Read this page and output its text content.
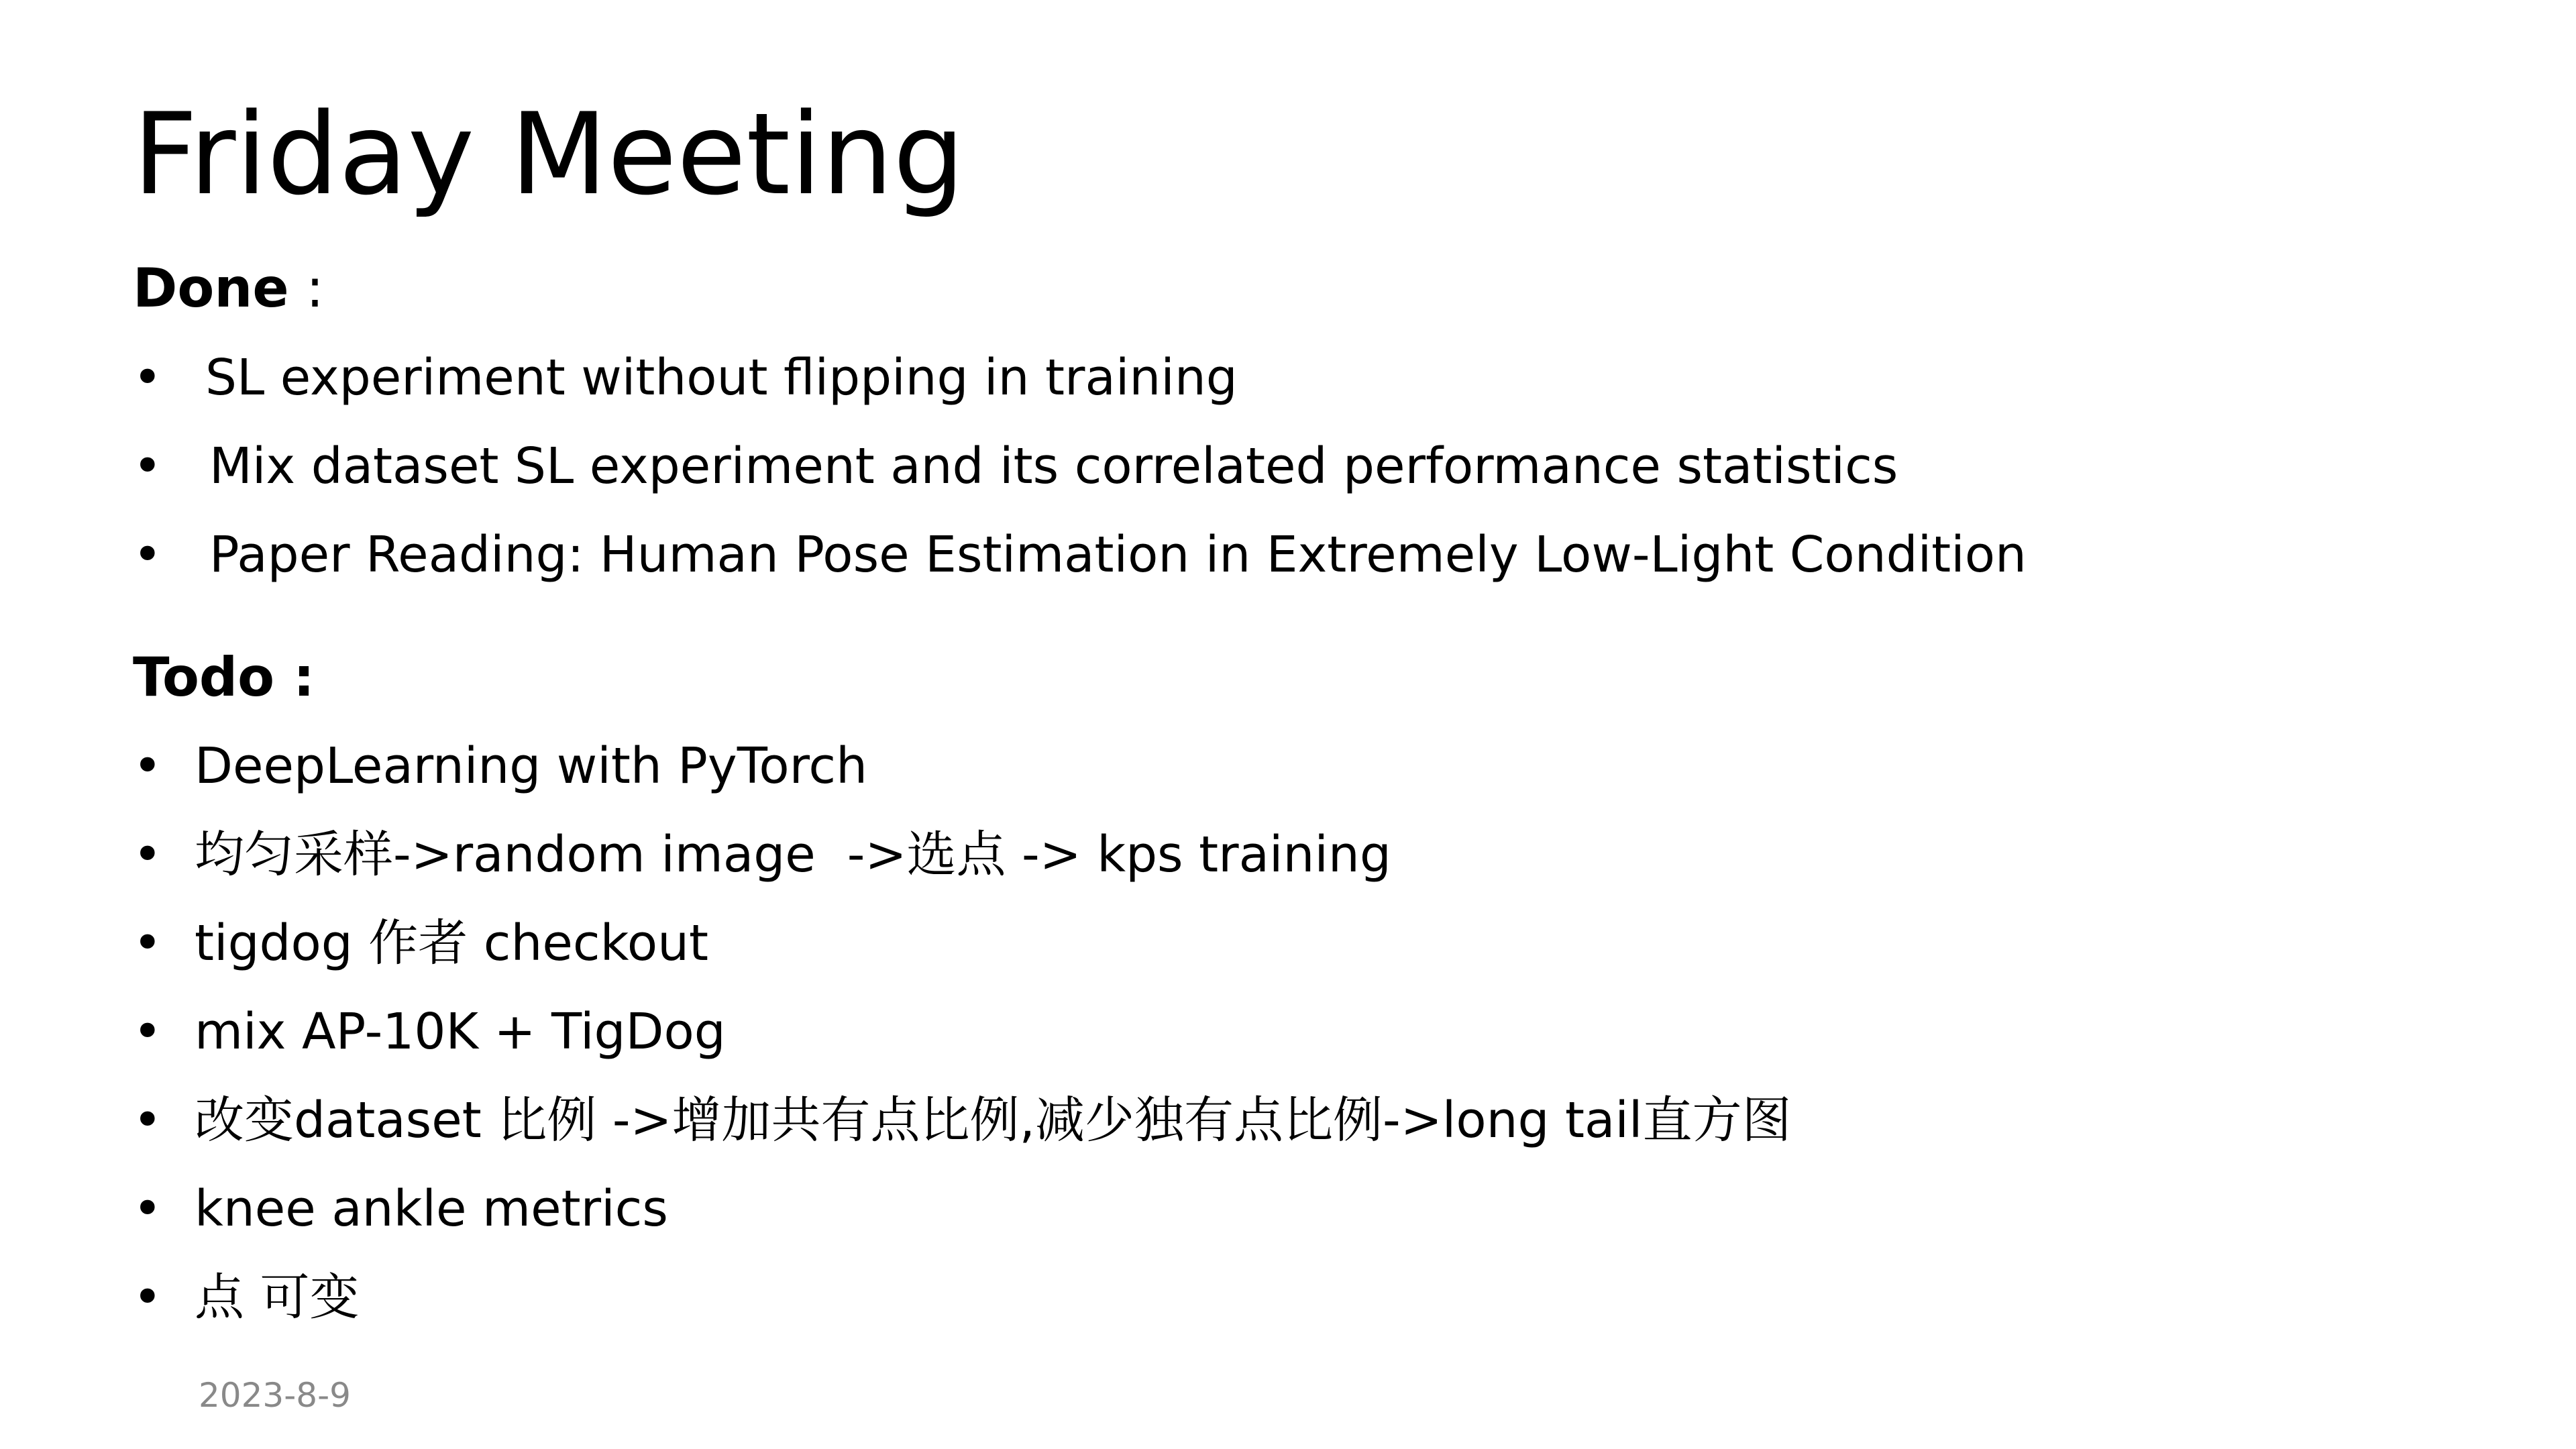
Friday Meeting
Done :
• SL experiment without flipping in training
• Mix dataset SL experiment and its correlated performance statistics
• Paper Reading: Human Pose Estimation in Extremely Low-Light Condition
Todo :
• DeepLearning with PyTorch
• 均匀采样->random image  ->选点 -> kps training
• tigdog 作者 checkout
• mix AP-10K + TigDog
• 改变dataset 比例 ->增加共有点比例,减少独有点比例->long tail直方图
• knee ankle metrics
• 点 可变
2023-8-9
